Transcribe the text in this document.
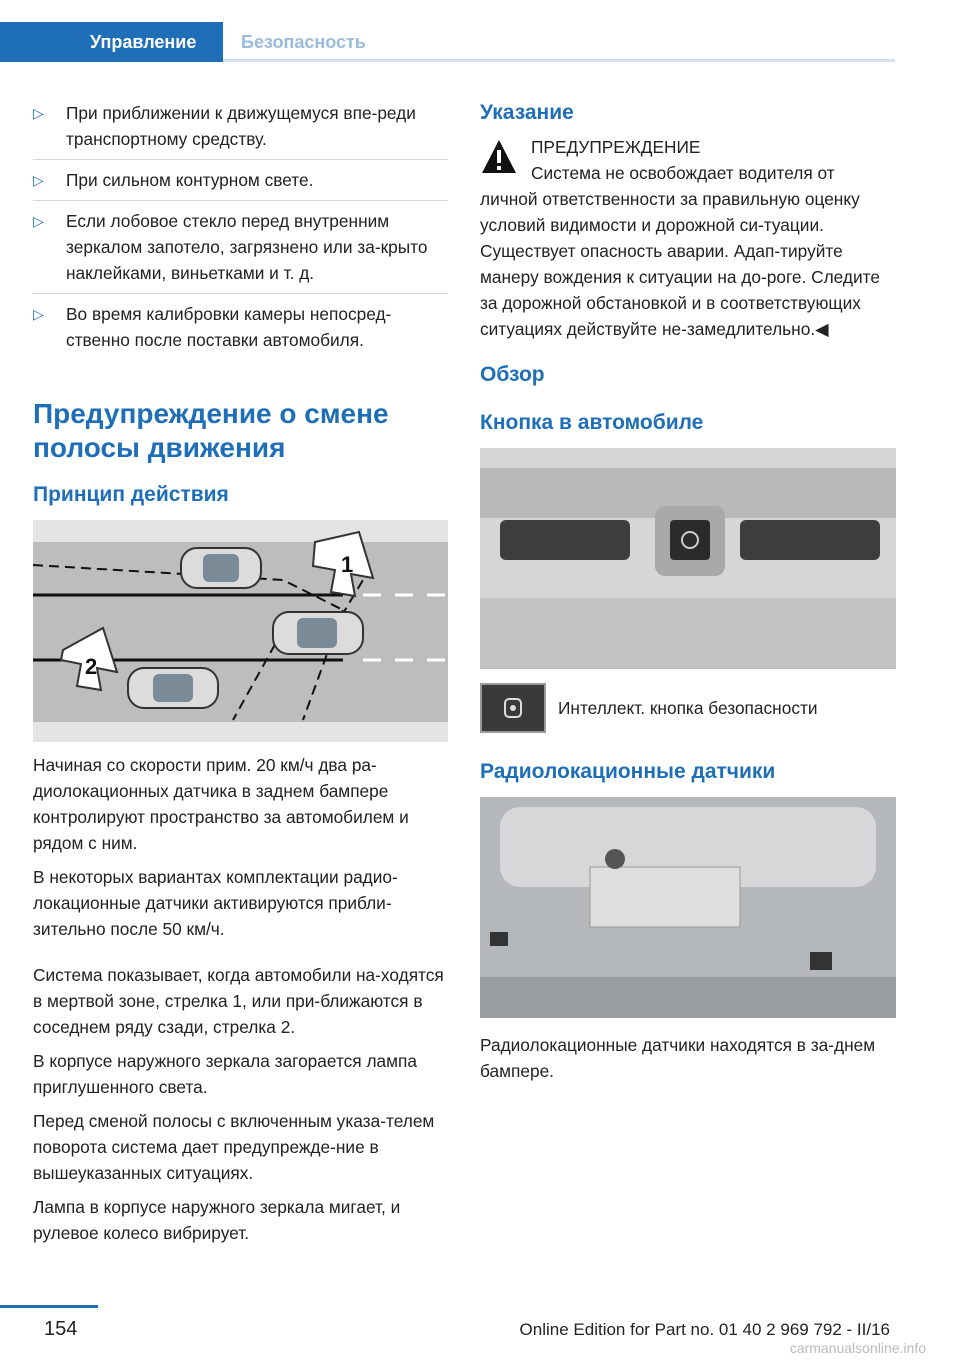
Управление Безопасность
▷ При приближении к движущемуся впе-реди транспортному средству.
▷ При сильном контурном свете.
▷ Если лобовое стекло перед внутренним зеркалом запотело, загрязнено или за-крыто наклейками, виньетками и т. д.
▷ Во время калибровки камеры непосред-ственно после поставки автомобиля.
Предупреждение о смене полосы движения
Принцип действия
1
2

Начиная со скорости прим. 20 км/ч два ра-диолокационных датчика в заднем бампере контролируют пространство за автомобилем и рядом с ним.

В некоторых вариантах комплектации радио-локационные датчики активируются прибли-зительно после 50 км/ч.

Система показывает, когда автомобили на-ходятся в мертвой зоне, стрелка 1, или при-ближаются в соседнем ряду сзади, стрелка 2.

В корпусе наружного зеркала загорается лампа приглушенного света.

Перед сменой полосы с включенным указа-телем поворота система дает предупрежде-ние в вышеуказанных ситуациях.

Лампа в корпусе наружного зеркала мигает, и рулевое колесо вибрирует.

Указание
ПРЕДУПРЕЖДЕНИЕ
Система не освобождает водителя от
личной ответственности за правильную оценку условий видимости и дорожной си-туации. Существует опасность аварии. Адап-тируйте манеру вождения к ситуации на до-роге. Следите за дорожной обстановкой и в соответствующих ситуациях действуйте не-замедлительно.◀
Обзор
Кнопка в автомобиле
Интеллект. кнопка безопасности
Радиолокационные датчики

Радиолокационные датчики находятся в за-днем бампере.

154	Online Edition for Part no. 01 40 2 969 792 - II/16
carmanualsonline.info
